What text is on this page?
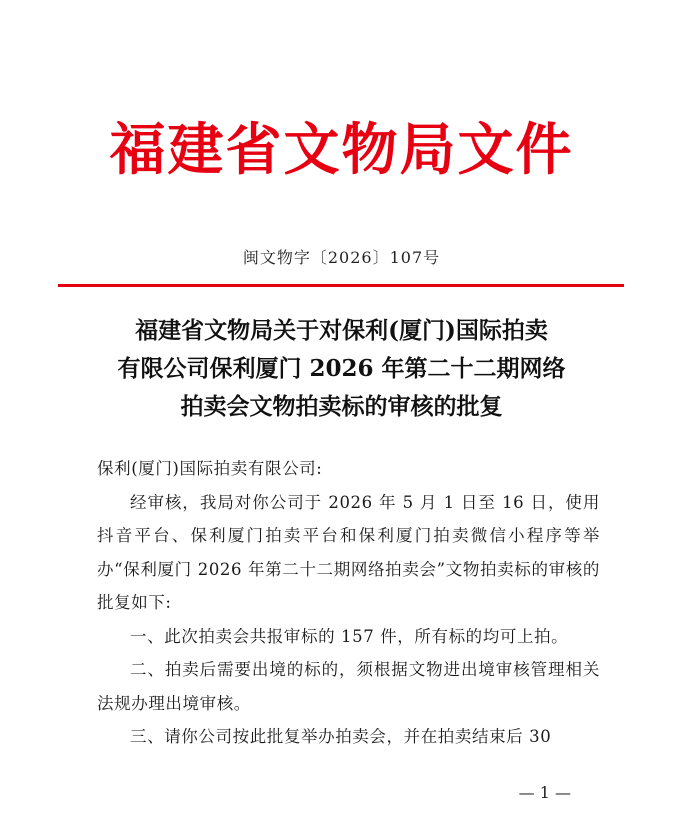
福建省文物局文件
闽文物字〔2026〕107号
福建省文物局关于对保利(厦门)国际拍卖
有限公司保利厦门 2026 年第二十二期网络
拍卖会文物拍卖标的审核的批复

保利(厦门)国际拍卖有限公司:

经审核，我局对你公司于 2026 年 5 月 1 日至 16 日，使用抖音平台、保利厦门拍卖平台和保利厦门拍卖微信小程序等举办“保利厦门 2026 年第二十二期网络拍卖会”文物拍卖标的审核的批复如下:

一、此次拍卖会共报审标的 157 件，所有标的均可上拍。

二、拍卖后需要出境的标的，须根据文物进出境审核管理相关法规办理出境审核。

三、请你公司按此批复举办拍卖会，并在拍卖结束后 30

— 1 —
